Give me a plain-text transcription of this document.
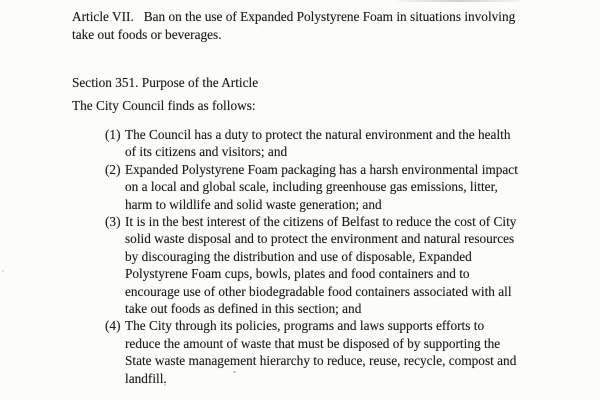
Article VII.   Ban on the use of Expanded Polystyrene Foam in situations involving
take out foods or beverages.
Section 351. Purpose of the Article
The City Council finds as follows:
(1) The Council has a duty to protect the natural environment and the health
of its citizens and visitors; and
(2) Expanded Polystyrene Foam packaging has a harsh environmental impact
on a local and global scale, including greenhouse gas emissions, litter,
harm to wildlife and solid waste generation; and
(3) It is in the best interest of the citizens of Belfast to reduce the cost of City
solid waste disposal and to protect the environment and natural resources
by discouraging the distribution and use of disposable, Expanded
Polystyrene Foam cups, bowls, plates and food containers and to
encourage use of other biodegradable food containers associated with all
take out foods as defined in this section; and
(4) The City through its policies, programs and laws supports efforts to
reduce the amount of waste that must be disposed of by supporting the
State waste management hierarchy to reduce, reuse, recycle, compost and
landfill.
